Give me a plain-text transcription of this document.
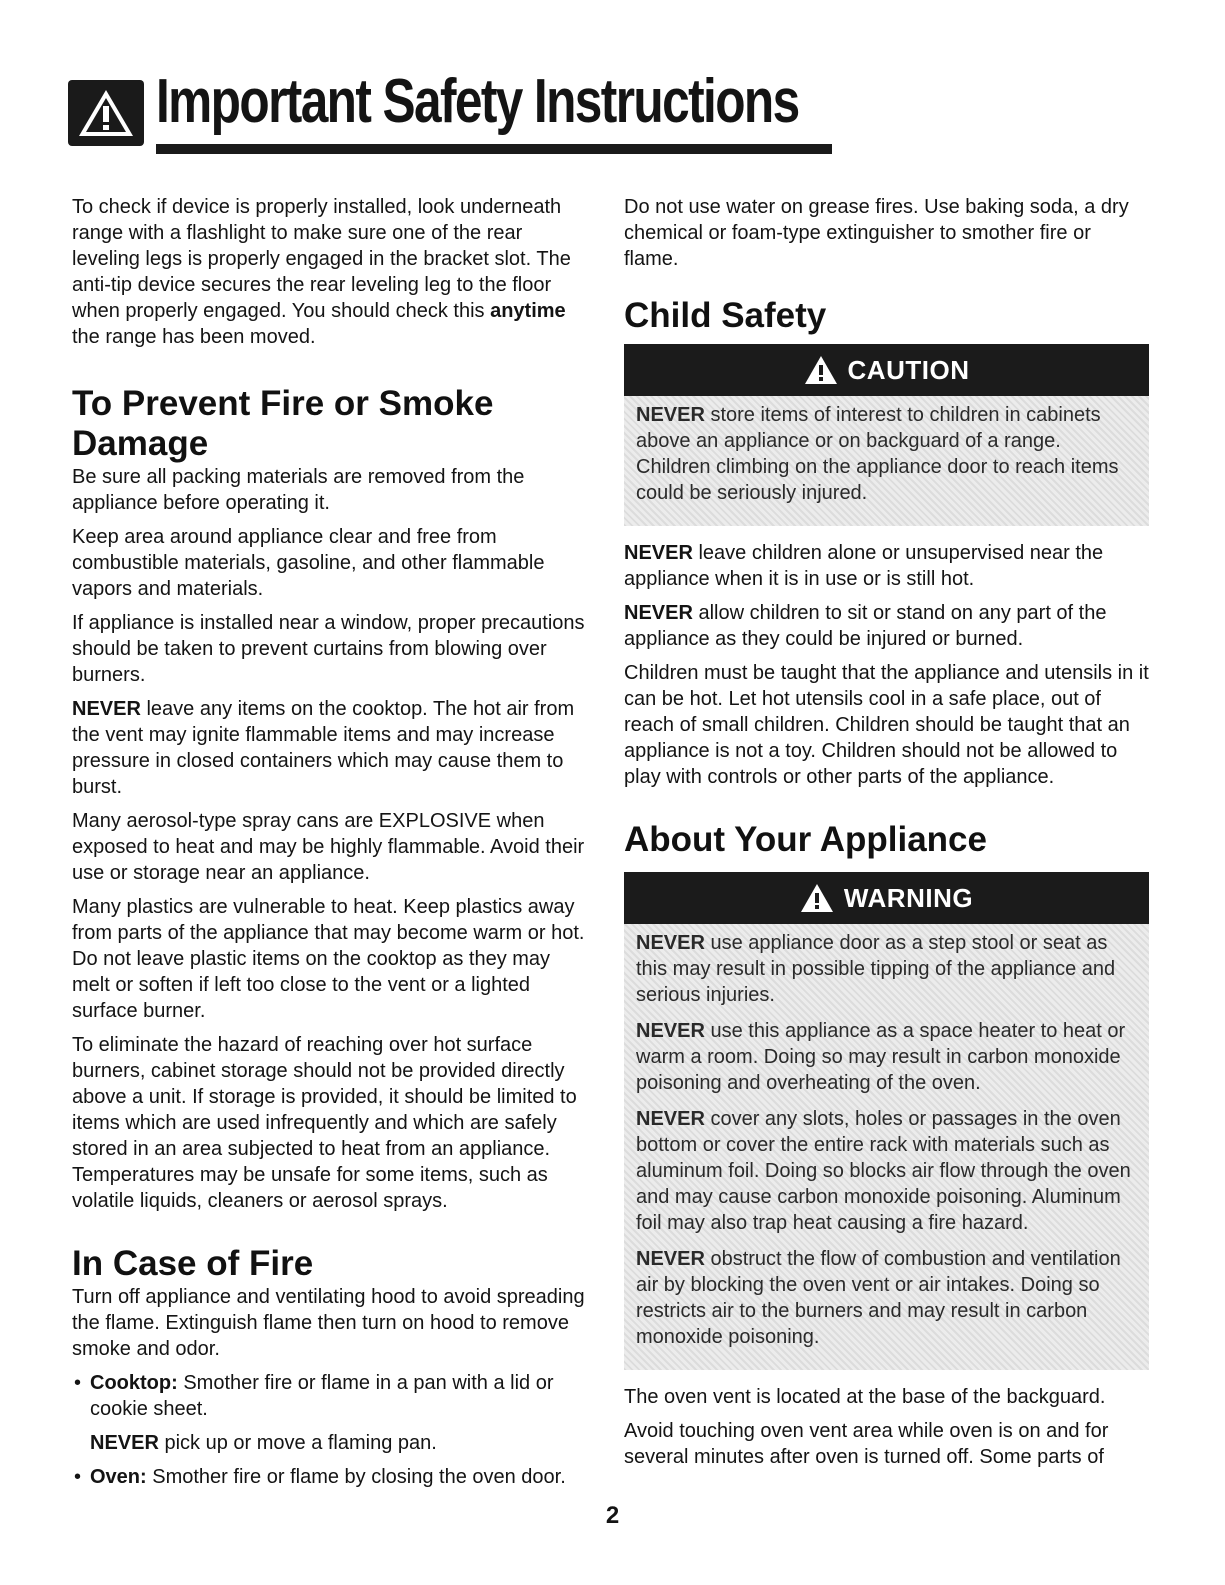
Important Safety Instructions

To check if device is properly installed, look underneath range with a flashlight to make sure one of the rear leveling legs is properly engaged in the bracket slot. The anti-tip device secures the rear leveling leg to the floor when properly engaged. You should check this anytime the range has been moved.

To Prevent Fire or Smoke Damage

Be sure all packing materials are removed from the appliance before operating it.

Keep area around appliance clear and free from combustible materials, gasoline, and other flammable vapors and materials.

If appliance is installed near a window, proper precautions should be taken to prevent curtains from blowing over burners.

NEVER leave any items on the cooktop. The hot air from the vent may ignite flammable items and may increase pressure in closed containers which may cause them to burst.

Many aerosol-type spray cans are EXPLOSIVE when exposed to heat and may be highly flammable. Avoid their use or storage near an appliance.

Many plastics are vulnerable to heat. Keep plastics away from parts of the appliance that may become warm or hot. Do not leave plastic items on the cooktop as they may melt or soften if left too close to the vent or a lighted surface burner.

To eliminate the hazard of reaching over hot surface burners, cabinet storage should not be provided directly above a unit. If storage is provided, it should be limited to items which are used infrequently and which are safely stored in an area subjected to heat from an appliance. Temperatures may be unsafe for some items, such as volatile liquids, cleaners or aerosol sprays.

In Case of Fire

Turn off appliance and ventilating hood to avoid spreading the flame. Extinguish flame then turn on hood to remove smoke and odor.

• Cooktop: Smother fire or flame in a pan with a lid or cookie sheet.

NEVER pick up or move a flaming pan.

• Oven: Smother fire or flame by closing the oven door.

Do not use water on grease fires. Use baking soda, a dry chemical or foam-type extinguisher to smother fire or flame.

Child Safety
CAUTION

NEVER store items of interest to children in cabinets above an appliance or on backguard of a range. Children climbing on the appliance door to reach items could be seriously injured.

NEVER leave children alone or unsupervised near the appliance when it is in use or is still hot.

NEVER allow children to sit or stand on any part of the appliance as they could be injured or burned.

Children must be taught that the appliance and utensils in it can be hot. Let hot utensils cool in a safe place, out of reach of small children. Children should be taught that an appliance is not a toy. Children should not be allowed to play with controls or other parts of the appliance.

About Your Appliance
WARNING

NEVER use appliance door as a step stool or seat as this may result in possible tipping of the appliance and serious injuries.

NEVER use this appliance as a space heater to heat or warm a room. Doing so may result in carbon monoxide poisoning and overheating of the oven.

NEVER cover any slots, holes or passages in the oven bottom or cover the entire rack with materials such as aluminum foil. Doing so blocks air flow through the oven and may cause carbon monoxide poisoning. Aluminum foil may also trap heat causing a fire hazard.

NEVER obstruct the flow of combustion and ventilation air by blocking the oven vent or air intakes. Doing so restricts air to the burners and may result in carbon monoxide poisoning.

The oven vent is located at the base of the backguard.

Avoid touching oven vent area while oven is on and for several minutes after oven is turned off. Some parts of

2
